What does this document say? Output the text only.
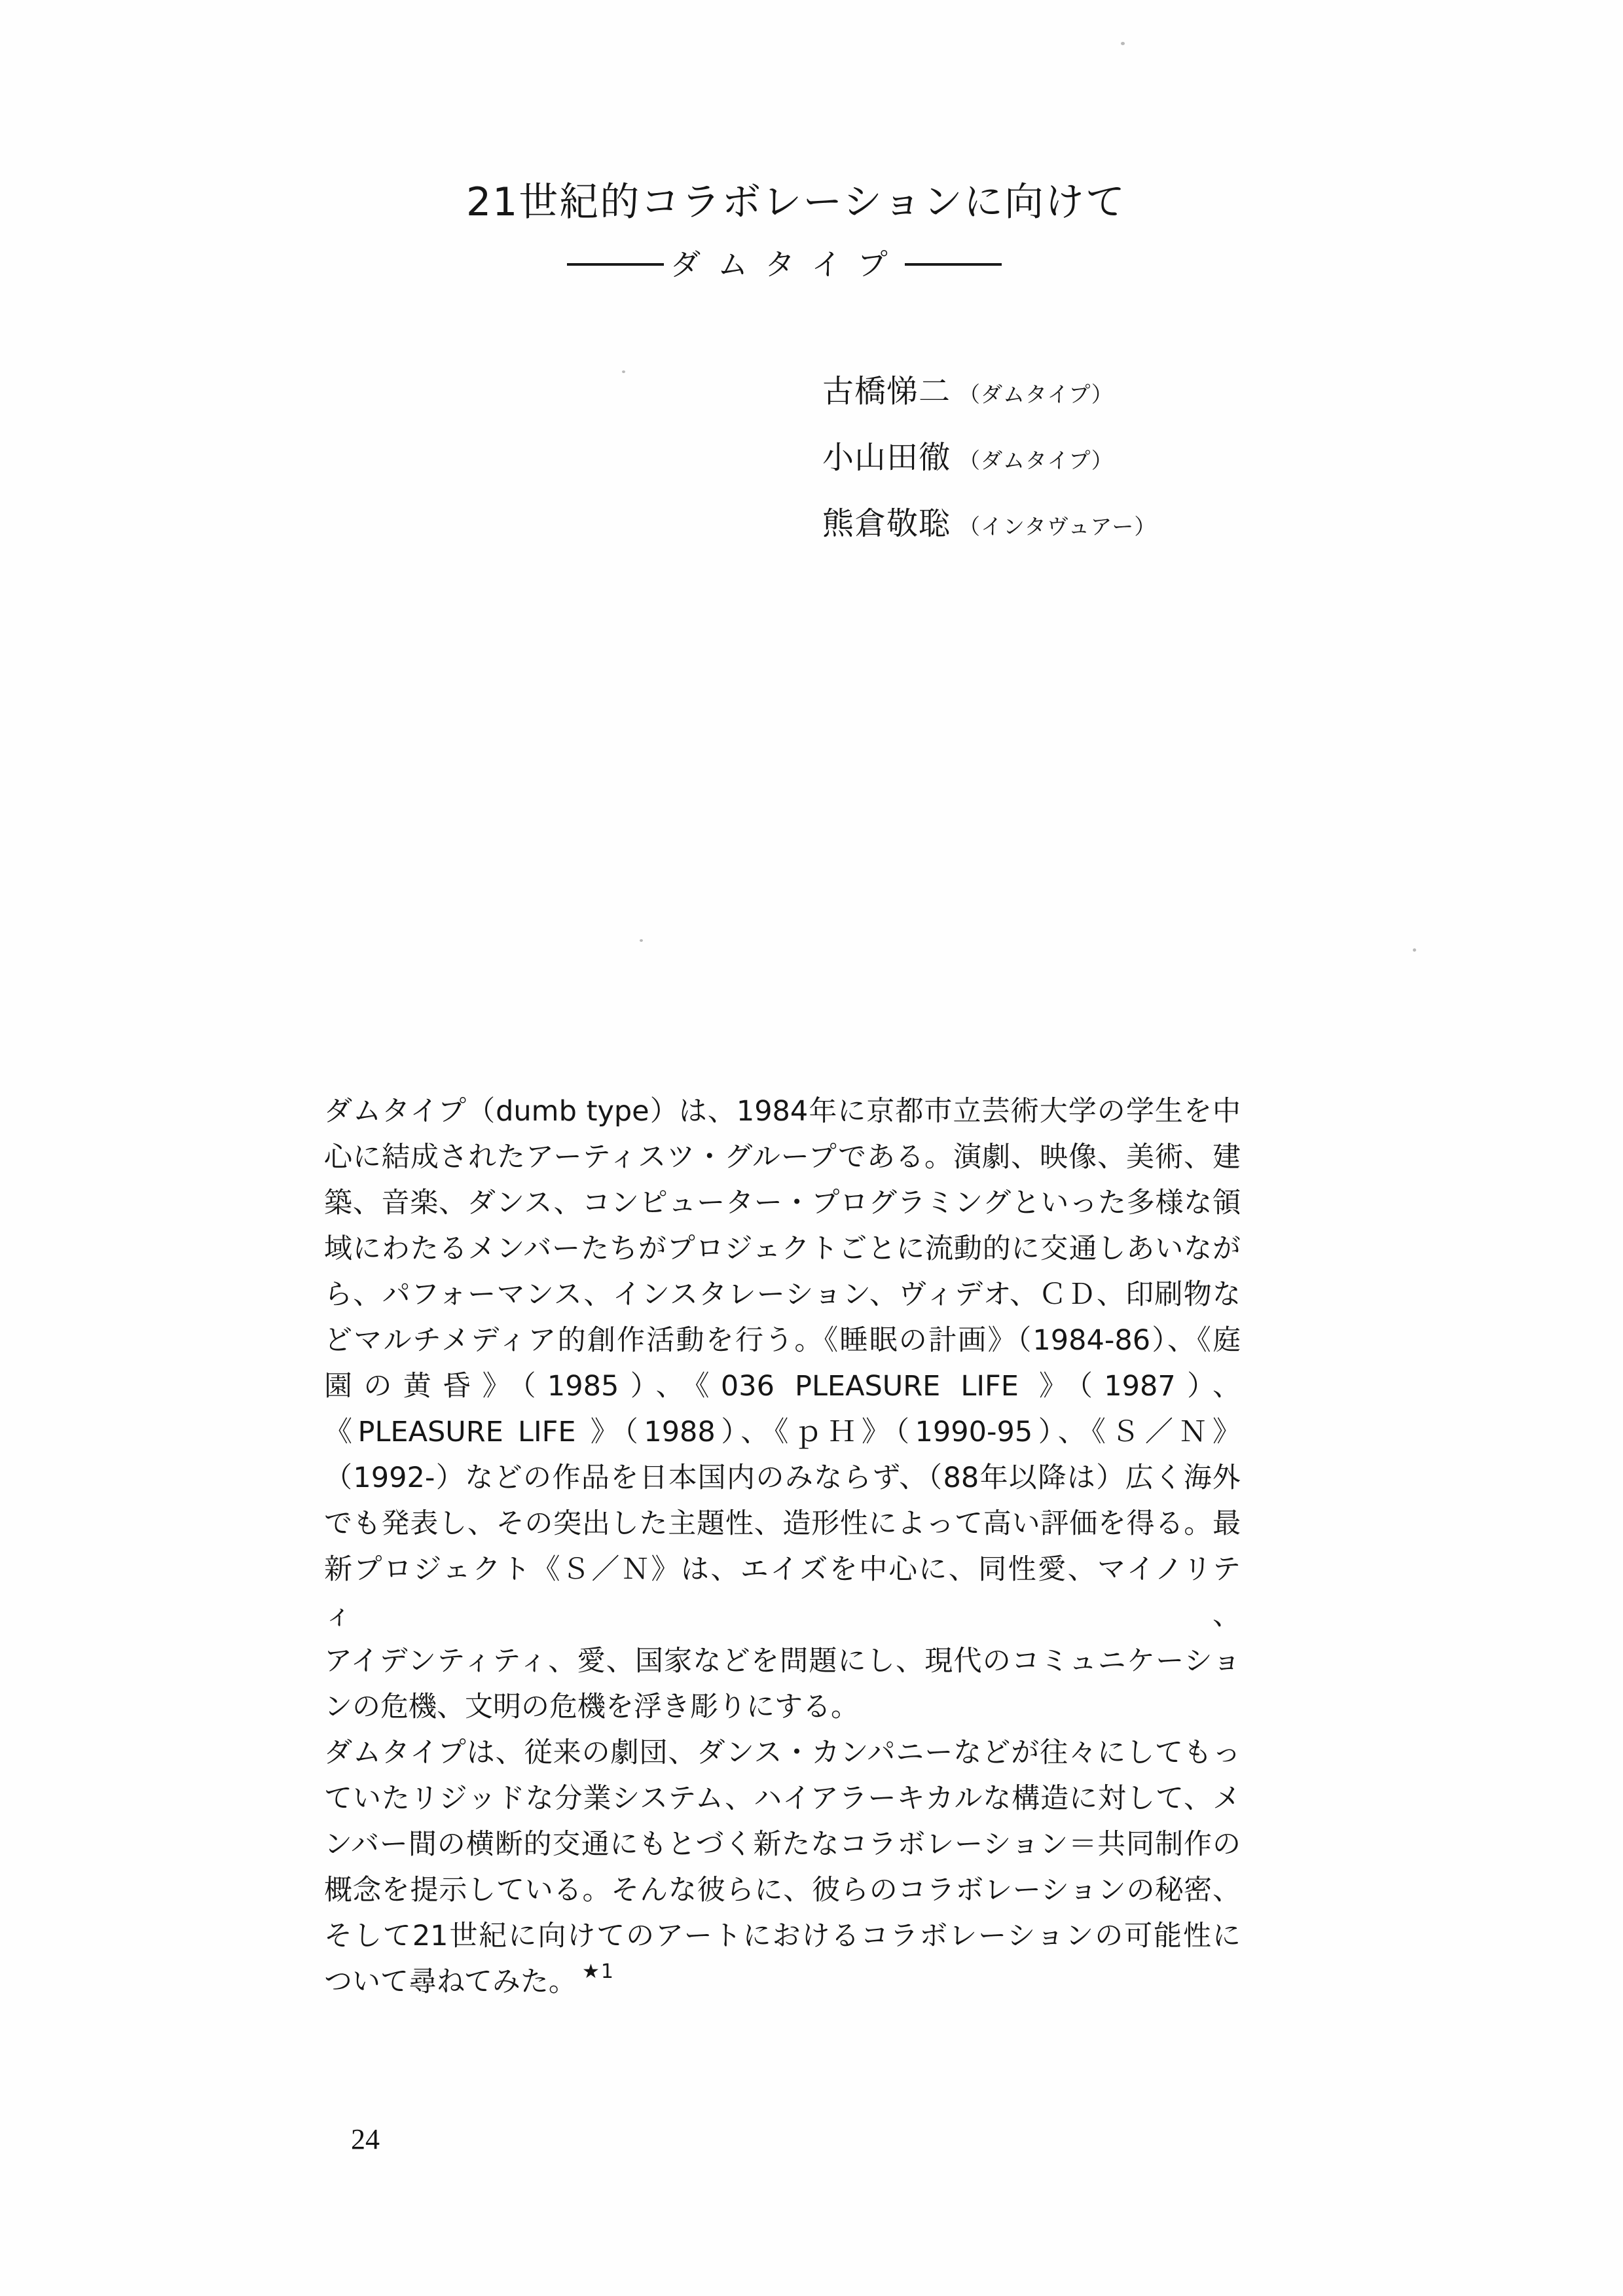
21世紀的コラボレーションに向けて
ダムタイプ
古橋悌二 （ダムタイプ）
小山田徹 （ダムタイプ）
熊倉敬聡 （インタヴュアー）
ダムタイプ（dumb type）は、1984年に京都市立芸術大学の学生を中
心に結成されたアーティスツ・グループである。演劇、映像、美術、建
築、音楽、ダンス、コンピューター・プログラミングといった多様な領
域にわたるメンバーたちがプロジェクトごとに流動的に交通しあいなが
ら、パフォーマンス、インスタレーション、ヴィデオ、ＣＤ、印刷物な
どマルチメディア的創作活動を行う。《睡眠の計画》（1984-86）、《庭
園の黄昏》（1985）、《036 PLEASURE LIFE 》（1987）、
《PLEASURE LIFE 》（1988）、《ｐＨ》（1990-95）、《Ｓ／Ｎ》
（1992-）などの作品を日本国内のみならず、（88年以降は）広く海外
でも発表し、その突出した主題性、造形性によって高い評価を得る。最
新プロジェクト《Ｓ／Ｎ》は、エイズを中心に、同性愛、マイノリティ、
アイデンティティ、愛、国家などを問題にし、現代のコミュニケーショ
ンの危機、文明の危機を浮き彫りにする。
ダムタイプは、従来の劇団、ダンス・カンパニーなどが往々にしてもっ
ていたリジッドな分業システム、ハイアラーキカルな構造に対して、メ
ンバー間の横断的交通にもとづく新たなコラボレーション＝共同制作の
概念を提示している。そんな彼らに、彼らのコラボレーションの秘密、
そして21世紀に向けてのアートにおけるコラボレーションの可能性に
ついて尋ねてみた。 $^{★1}$
24
